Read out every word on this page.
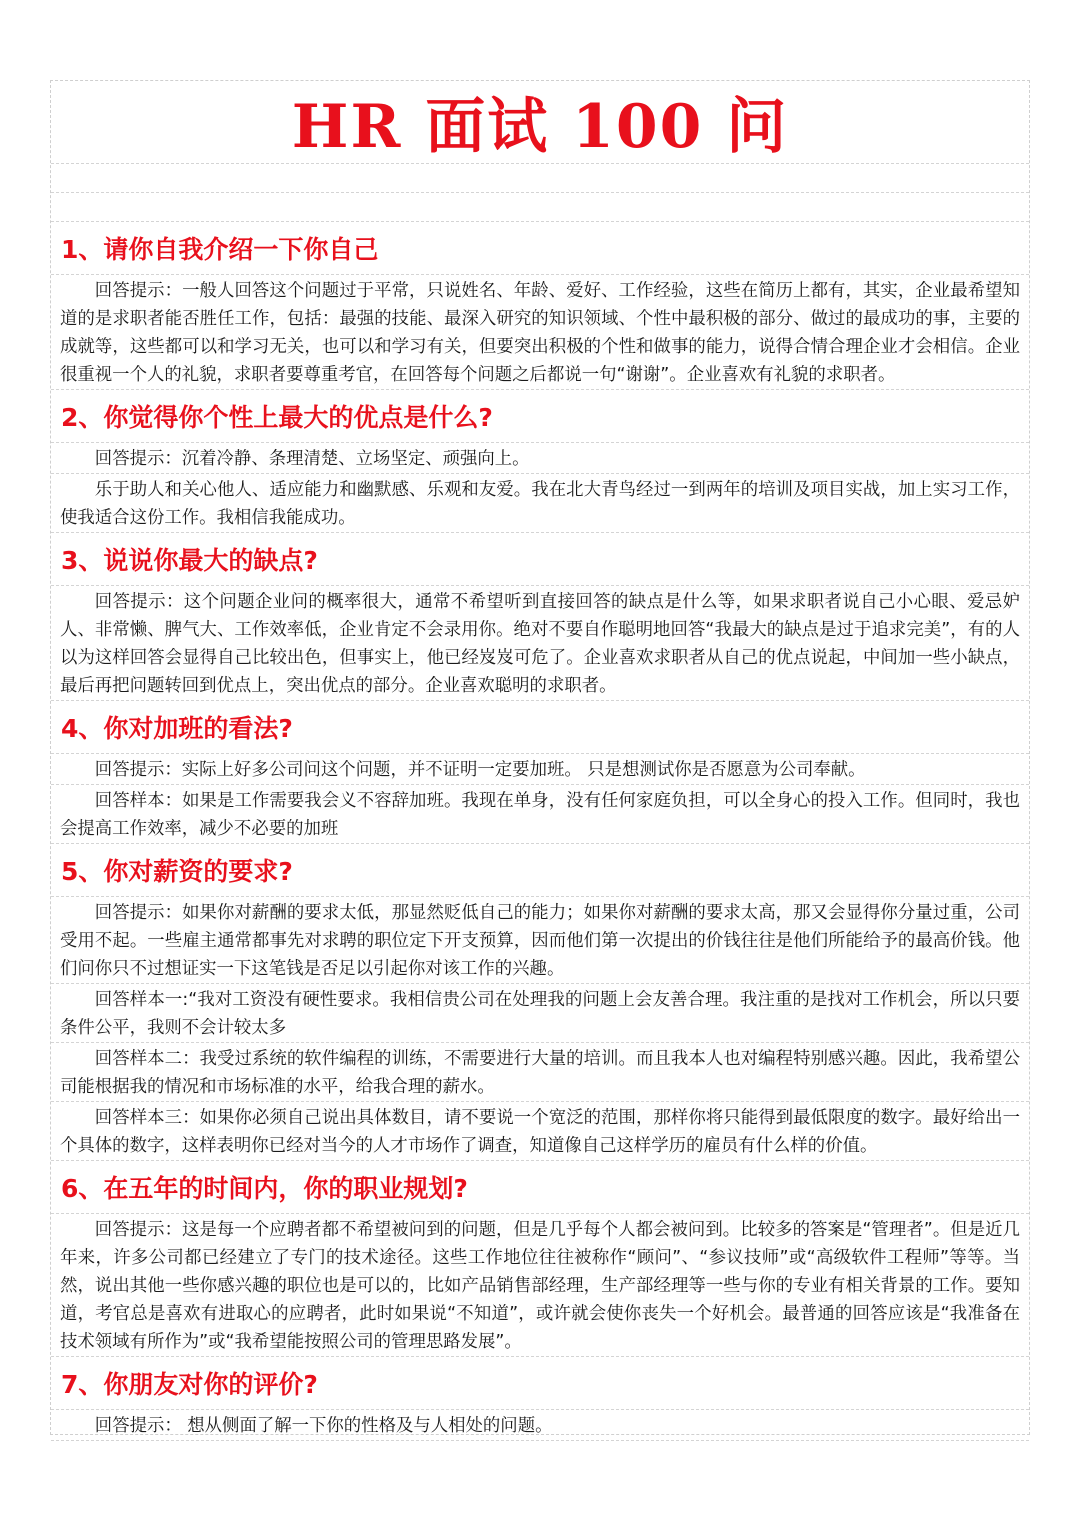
HR 面试 100 问
1、请你自我介绍一下你自己
回答提示：一般人回答这个问题过于平常，只说姓名、年龄、爱好、工作经验，这些在简历上都有，其实，企业最希望知道的是求职者能否胜任工作，包括：最强的技能、最深入研究的知识领域、个性中最积极的部分、做过的最成功的事，主要的成就等，这些都可以和学习无关，也可以和学习有关，但要突出积极的个性和做事的能力，说得合情合理企业才会相信。企业很重视一个人的礼貌，求职者要尊重考官，在回答每个问题之后都说一句“谢谢”。企业喜欢有礼貌的求职者。
2、你觉得你个性上最大的优点是什么?
回答提示：沉着冷静、条理清楚、立场坚定、顽强向上。
乐于助人和关心他人、适应能力和幽默感、乐观和友爱。我在北大青鸟经过一到两年的培训及项目实战，加上实习工作，使我适合这份工作。我相信我能成功。
3、说说你最大的缺点?
回答提示：这个问题企业问的概率很大，通常不希望听到直接回答的缺点是什么等，如果求职者说自己小心眼、爱忌妒人、非常懒、脾气大、工作效率低，企业肯定不会录用你。绝对不要自作聪明地回答“我最大的缺点是过于追求完美”，有的人以为这样回答会显得自己比较出色，但事实上，他已经岌岌可危了。企业喜欢求职者从自己的优点说起，中间加一些小缺点，最后再把问题转回到优点上，突出优点的部分。企业喜欢聪明的求职者。
4、你对加班的看法?
回答提示：实际上好多公司问这个问题，并不证明一定要加班。 只是想测试你是否愿意为公司奉献。
回答样本：如果是工作需要我会义不容辞加班。我现在单身，没有任何家庭负担，可以全身心的投入工作。但同时，我也会提高工作效率，减少不必要的加班
5、你对薪资的要求?
回答提示：如果你对薪酬的要求太低，那显然贬低自己的能力；如果你对薪酬的要求太高，那又会显得你分量过重，公司受用不起。一些雇主通常都事先对求聘的职位定下开支预算，因而他们第一次提出的价钱往往是他们所能给予的最高价钱。他们问你只不过想证实一下这笔钱是否足以引起你对该工作的兴趣。
回答样本一:“我对工资没有硬性要求。我相信贵公司在处理我的问题上会友善合理。我注重的是找对工作机会，所以只要条件公平，我则不会计较太多
回答样本二：我受过系统的软件编程的训练，不需要进行大量的培训。而且我本人也对编程特别感兴趣。因此，我希望公司能根据我的情况和市场标准的水平，给我合理的薪水。
回答样本三：如果你必须自己说出具体数目，请不要说一个宽泛的范围，那样你将只能得到最低限度的数字。最好给出一个具体的数字，这样表明你已经对当今的人才市场作了调查，知道像自己这样学历的雇员有什么样的价值。
6、在五年的时间内，你的职业规划?
回答提示：这是每一个应聘者都不希望被问到的问题，但是几乎每个人都会被问到。比较多的答案是“管理者”。但是近几年来，许多公司都已经建立了专门的技术途径。这些工作地位往往被称作“顾问”、“参议技师”或“高级软件工程师”等等。当然，说出其他一些你感兴趣的职位也是可以的，比如产品销售部经理，生产部经理等一些与你的专业有相关背景的工作。要知道，考官总是喜欢有进取心的应聘者，此时如果说“不知道”，或许就会使你丧失一个好机会。最普通的回答应该是“我准备在技术领域有所作为”或“我希望能按照公司的管理思路发展”。
7、你朋友对你的评价?
回答提示： 想从侧面了解一下你的性格及与人相处的问题。
